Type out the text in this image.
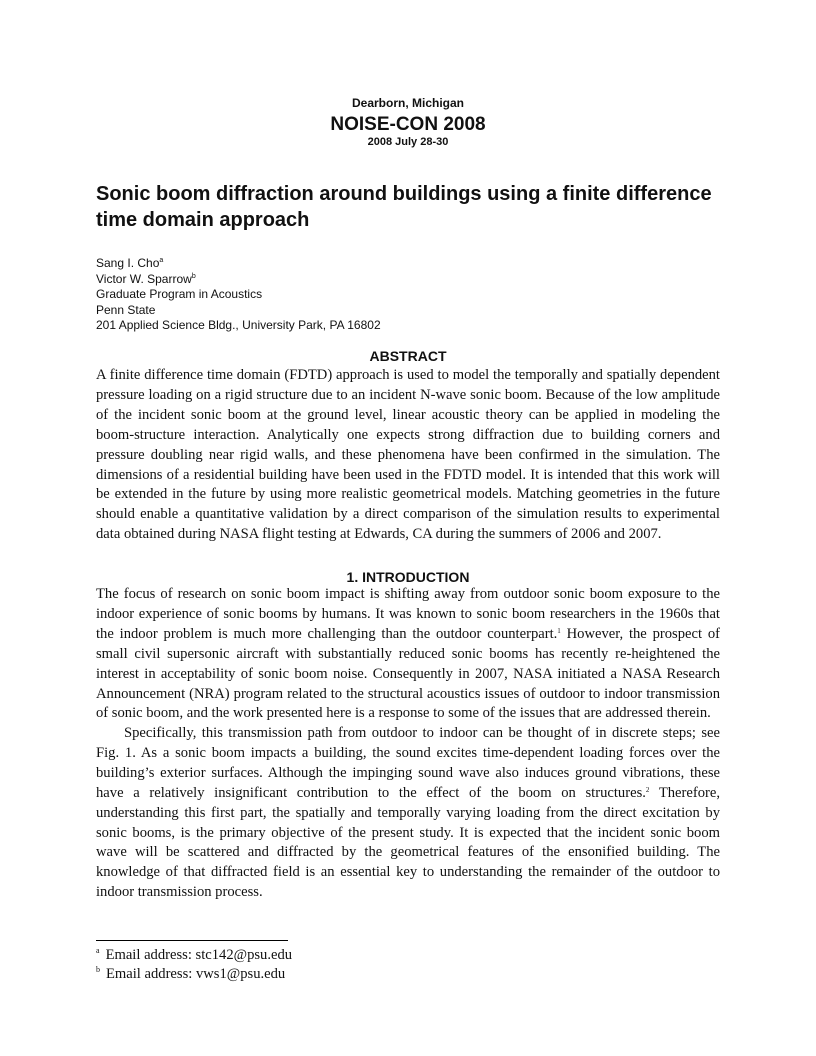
Dearborn, Michigan
NOISE-CON 2008
2008 July 28-30
Sonic boom diffraction around buildings using a finite difference time domain approach
Sang I. Cho$^a$
Victor W. Sparrow$^b$
Graduate Program in Acoustics
Penn State
201 Applied Science Bldg., University Park, PA 16802
ABSTRACT

A finite difference time domain (FDTD) approach is used to model the temporally and spatially dependent pressure loading on a rigid structure due to an incident N-wave sonic boom. Because of the low amplitude of the incident sonic boom at the ground level, linear acoustic theory can be applied in modeling the boom-structure interaction. Analytically one expects strong diffraction due to building corners and pressure doubling near rigid walls, and these phenomena have been confirmed in the simulation. The dimensions of a residential building have been used in the FDTD model. It is intended that this work will be extended in the future by using more realistic geometrical models. Matching geometries in the future should enable a quantitative validation by a direct comparison of the simulation results to experimental data obtained during NASA flight testing at Edwards, CA during the summers of 2006 and 2007.

1. INTRODUCTION

The focus of research on sonic boom impact is shifting away from outdoor sonic boom exposure to the indoor experience of sonic booms by humans. It was known to sonic boom researchers in the 1960s that the indoor problem is much more challenging than the outdoor counterpart.$^1$ However, the prospect of small civil supersonic aircraft with substantially reduced sonic booms has recently re-heightened the interest in acceptability of sonic boom noise. Consequently in 2007, NASA initiated a NASA Research Announcement (NRA) program related to the structural acoustics issues of outdoor to indoor transmission of sonic boom, and the work presented here is a response to some of the issues that are addressed therein.

Specifically, this transmission path from outdoor to indoor can be thought of in discrete steps; see Fig. 1. As a sonic boom impacts a building, the sound excites time-dependent loading forces over the building’s exterior surfaces. Although the impinging sound wave also induces ground vibrations, these have a relatively insignificant contribution to the effect of the boom on structures.$^2$ Therefore, understanding this first part, the spatially and temporally varying loading from the direct excitation by sonic booms, is the primary objective of the present study. It is expected that the incident sonic boom wave will be scattered and diffracted by the geometrical features of the ensonified building. The knowledge of that diffracted field is an essential key to understanding the remainder of the outdoor to indoor transmission process.

$^a$ Email address: stc142@psu.edu
$^b$ Email address: vws1@psu.edu
